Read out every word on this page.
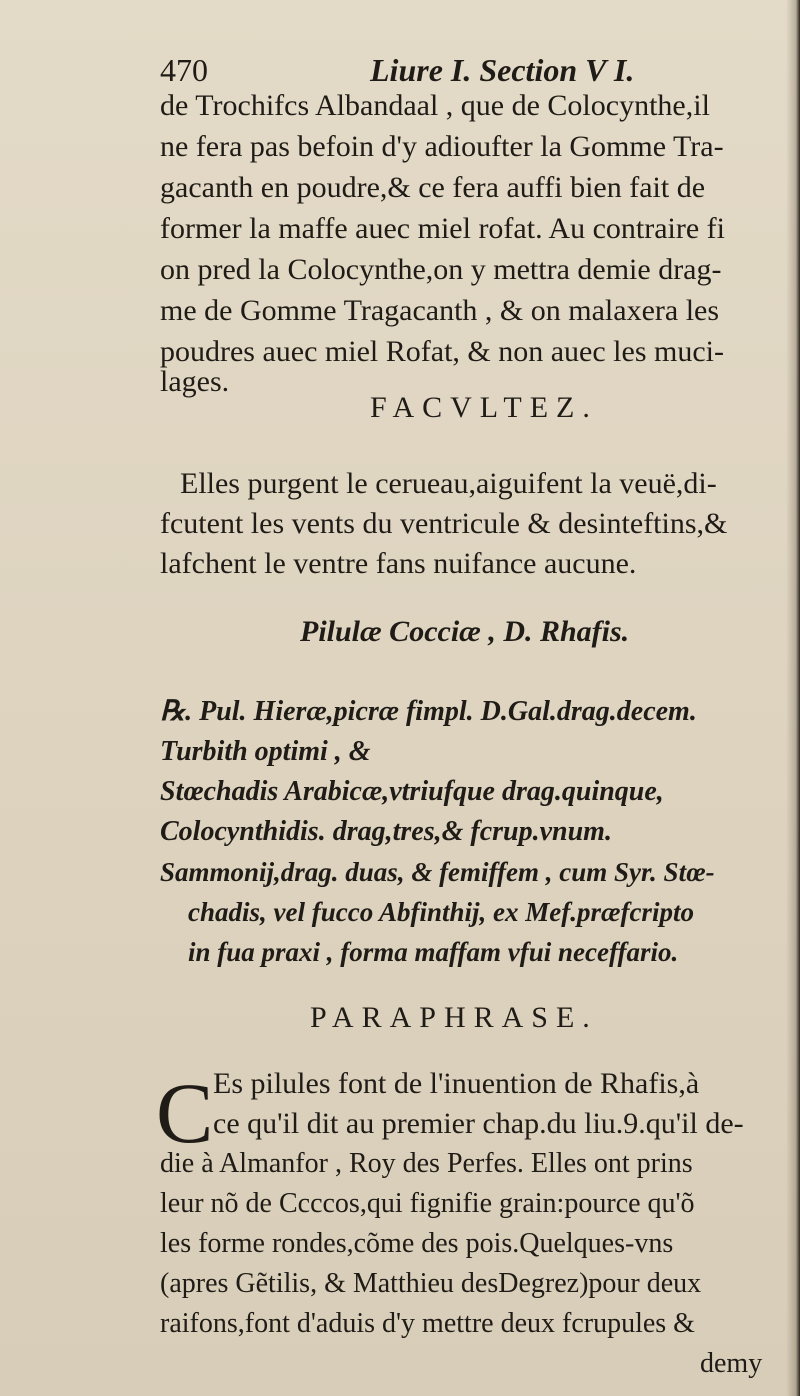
470	Liure I. Section V I.
de Trochifcs Albandaal , que de Colocynthe,il
ne fera pas befoin d'y adioufter la Gomme Tra-
gacanth en poudre,& ce fera auffi bien fait de
former la maffe auec miel rofat. Au contraire fi
on pred la Colocynthe,on y mettra demie drag-
me de Gomme Tragacanth , & on malaxera les
poudres auec miel Rofat, & non auec les muci-
lages.
FACVLTEZ.
Elles purgent le cerueau,aiguifent la veuë,di-
fcutent les vents du ventricule & desinteftins,&
lafchent le ventre fans nuifance aucune.
Pilulæ Cocciæ , D. Rhafis.
℞. Pul. Hieræ,picræ fimpl. D.Gal.drag.decem.
Turbith optimi , &
Stœchadis Arabicæ,vtriufque drag.quinque,
Colocynthidis. drag,tres,& fcrup.vnum.
Sammonij,drag. duas, & femiffem , cum Syr. Stœ-
chadis, vel fucco Abfinthij, ex Mef.præfcripto
in fua praxi , forma maffam vfui neceffario.
PARAPHRASE.
C Es pilules font de l'inuention de Rhafis,à
ce qu'il dit au premier chap.du liu.9.qu'il de-
die à Almanfor , Roy des Perfes. Elles ont prins
leur nõ de Ccccos,qui fignifie grain:pource qu'õ
les forme rondes,cõme des pois.Quelques-vns
(apres Gẽtilis, & Matthieu desDegrez)pour deux
raifons,font d'aduis d'y mettre deux fcrupules &
demy
